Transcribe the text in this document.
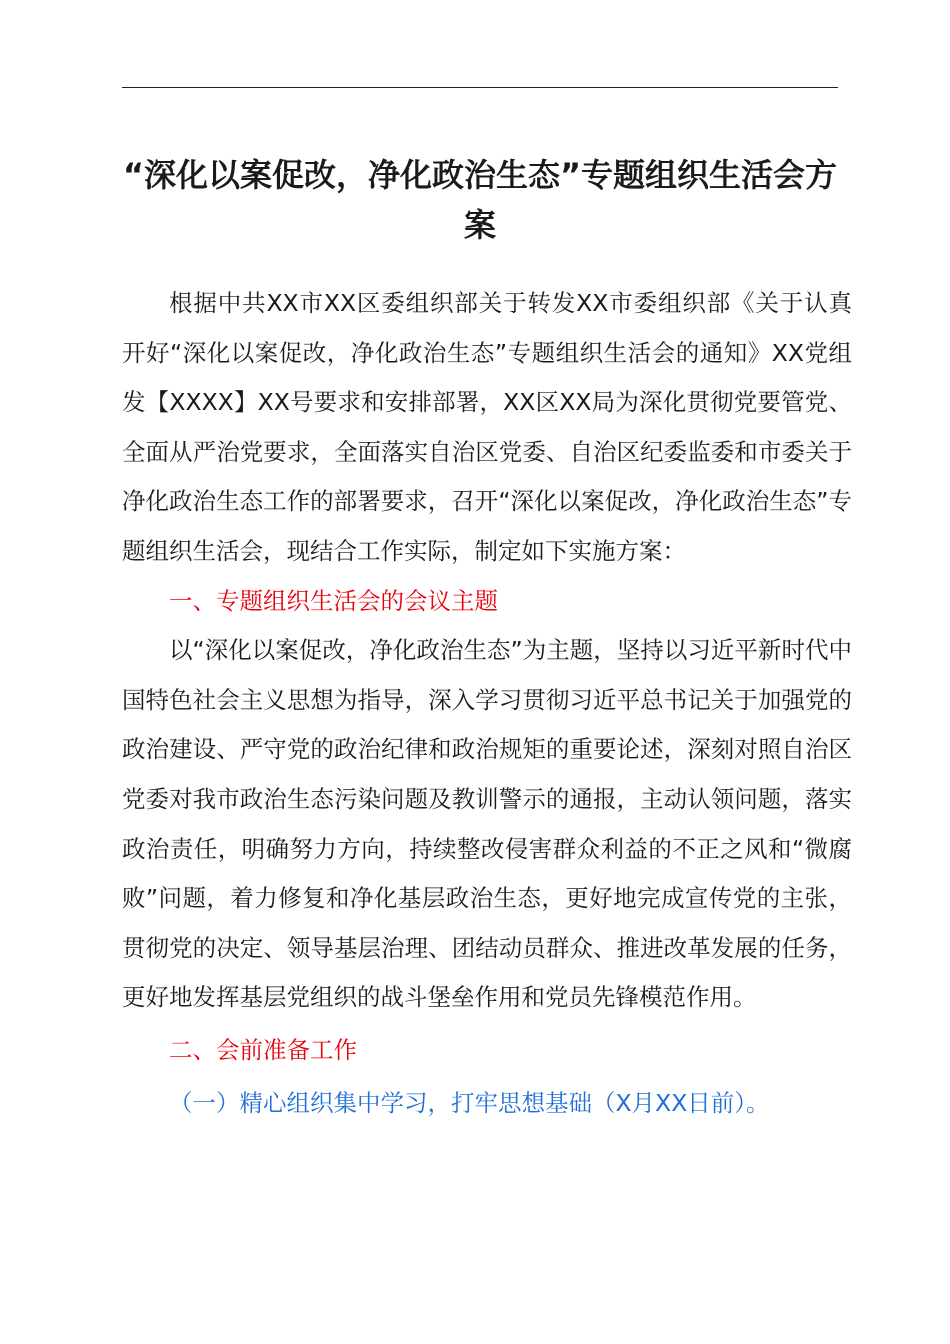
“深化以案促改，净化政治生态”专题组织生活会方案

根据中共XX市XX区委组织部关于转发XX市委组织部《关于认真开好“深化以案促改，净化政治生态”专题组织生活会的通知》XX党组发【XXXX】XX号要求和安排部署，XX区XX局为深化贯彻党要管党、全面从严治党要求，全面落实自治区党委、自治区纪委监委和市委关于净化政治生态工作的部署要求，召开“深化以案促改，净化政治生态”专题组织生活会，现结合工作实际，制定如下实施方案：

一、专题组织生活会的会议主题

以“深化以案促改，净化政治生态”为主题，坚持以习近平新时代中国特色社会主义思想为指导，深入学习贯彻习近平总书记关于加强党的政治建设、严守党的政治纪律和政治规矩的重要论述，深刻对照自治区党委对我市政治生态污染问题及教训警示的通报，主动认领问题，落实政治责任，明确努力方向，持续整改侵害群众利益的不正之风和“微腐败”问题，着力修复和净化基层政治生态，更好地完成宣传党的主张，贯彻党的决定、领导基层治理、团结动员群众、推进改革发展的任务，更好地发挥基层党组织的战斗堡垒作用和党员先锋模范作用。

二、会前准备工作

（一）精心组织集中学习，打牢思想基础（X月XX日前）。
